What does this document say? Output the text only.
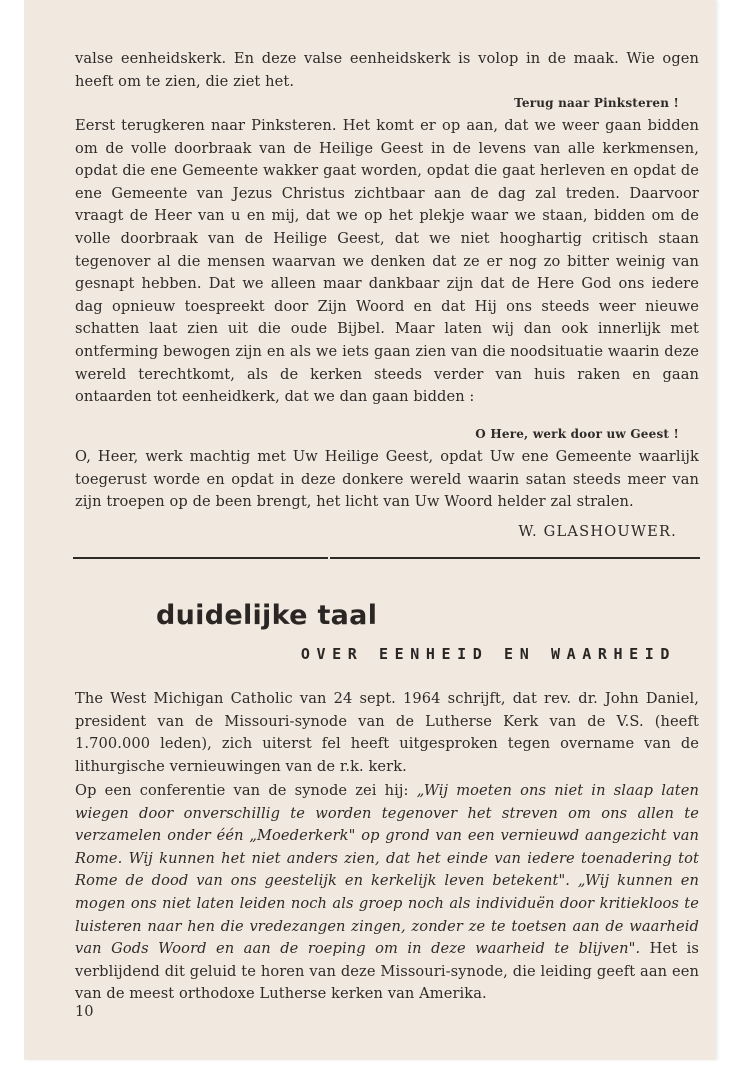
valse eenheidskerk. En deze valse eenheidskerk is volop in de maak. Wie ogen heeft om te zien, die ziet het.

Terug naar Pinksteren !

Eerst terugkeren naar Pinksteren. Het komt er op aan, dat we weer gaan bidden om de volle doorbraak van de Heilige Geest in de levens van alle kerkmensen, opdat die ene Gemeente wakker gaat worden, opdat die gaat herleven en opdat de ene Gemeente van Jezus Christus zichtbaar aan de dag zal treden. Daarvoor vraagt de Heer van u en mij, dat we op het plekje waar we staan, bidden om de volle doorbraak van de Heilige Geest, dat we niet hooghartig critisch staan tegenover al die mensen waarvan we denken dat ze er nog zo bitter weinig van gesnapt hebben. Dat we alleen maar dankbaar zijn dat de Here God ons iedere dag opnieuw toespreekt door Zijn Woord en dat Hij ons steeds weer nieuwe schatten laat zien uit die oude Bijbel. Maar laten wij dan ook innerlijk met ontferming bewogen zijn en als we iets gaan zien van die noodsituatie waarin deze wereld terechtkomt, als de kerken steeds verder van huis raken en gaan ontaarden tot eenheidkerk, dat we dan gaan bidden :

O Here, werk door uw Geest !

O, Heer, werk machtig met Uw Heilige Geest, opdat Uw ene Gemeente waarlijk toegerust worde en opdat in deze donkere wereld waarin satan steeds meer van zijn troepen op de been brengt, het licht van Uw Woord helder zal stralen.

W. GLASHOUWER.

duidelijke taal
OVER EENHEID EN WAARHEID

The West Michigan Catholic van 24 sept. 1964 schrijft, dat rev. dr. John Daniel, president van de Missouri-synode van de Lutherse Kerk van de V.S. (heeft 1.700.000 leden), zich uiterst fel heeft uitgesproken tegen overname van de lithurgische vernieuwingen van de r.k. kerk.

Op een conferentie van de synode zei hij: „Wij moeten ons niet in slaap laten wiegen door onverschillig te worden tegenover het streven om ons allen te verzamelen onder één „Moederkerk" op grond van een vernieuwd aangezicht van Rome. Wij kunnen het niet anders zien, dat het einde van iedere toenadering tot Rome de dood van ons geestelijk en kerkelijk leven betekent". „Wij kunnen en mogen ons niet laten leiden noch als groep noch als individuën door kritiekloos te luisteren naar hen die vredezangen zingen, zonder ze te toetsen aan de waarheid van Gods Woord en aan de roeping om in deze waarheid te blijven". Het is verblijdend dit geluid te horen van deze Missouri-synode, die leiding geeft aan een van de meest orthodoxe Lutherse kerken van Amerika.

10
